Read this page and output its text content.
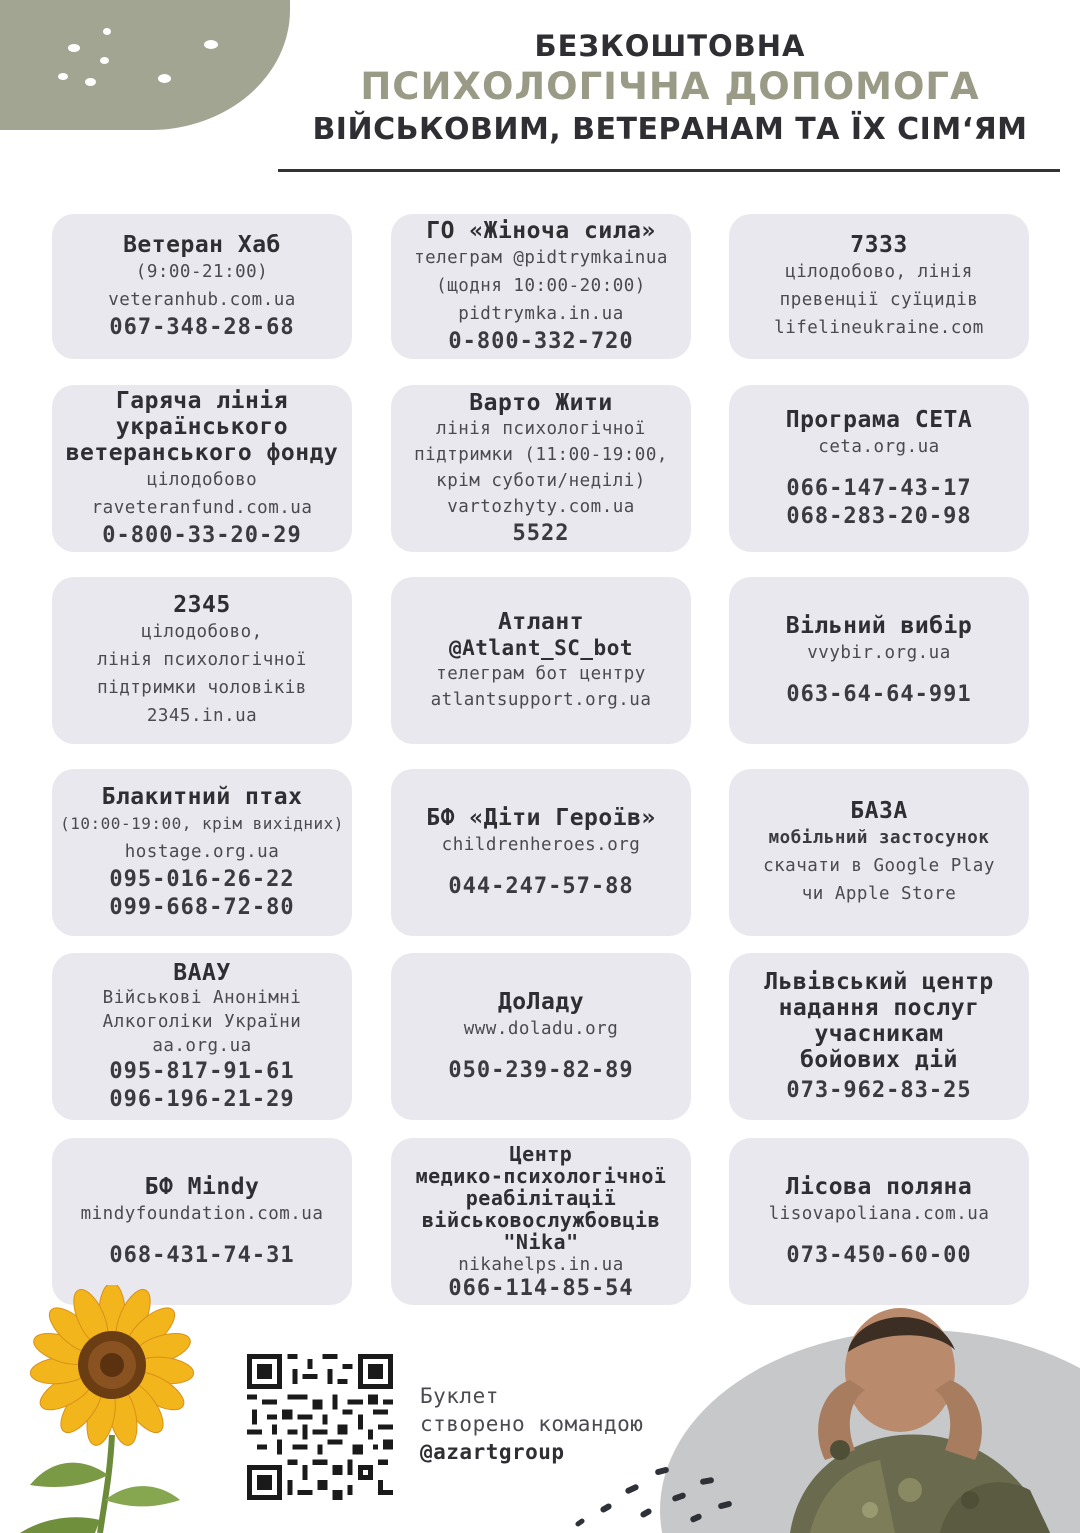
БЕЗКОШТОВНА
ПСИХОЛОГІЧНА ДОПОМОГА
ВІЙСЬКОВИМ, ВЕТЕРАНАМ ТА ЇХ СІМ‘ЯМ
Ветеран Хаб
(9:00-21:00)
veteranhub.com.ua
067-348-28-68
ГО «Жіноча сила»
телеграм @pidtrymkainua
(щодня 10:00-20:00)
pidtrymka.in.ua
0-800-332-720
7333
цілодобово, лінія
превенції суїцидів
lifelineukraine.com
Гаряча лінія
українського
ветеранського фонду
цілодобово
raveteranfund.com.ua
0-800-33-20-29
Варто Жити
лінія психологічної
підтримки (11:00-19:00,
крім суботи/неділі)
vartozhyty.com.ua
5522
Програма CETA
ceta.org.ua
066-147-43-17
068-283-20-98
2345
цілодобово,
лінія психологічної
підтримки чоловіків
2345.in.ua
Атлант
@Atlant_SC_bot
телеграм бот центру
atlantsupport.org.ua
Вільний вибір
vvybir.org.ua
063-64-64-991
Блакитний птах
(10:00-19:00, крім вихідних)
hostage.org.ua
095-016-26-22
099-668-72-80
БФ «Діти Героїв»
childrenheroes.org
044-247-57-88
БАЗА
мобільний застосунок
скачати в Google Play
чи Apple Store
ВААУ
Військові Анонімні
Алкоголіки України
aa.org.ua
095-817-91-61
096-196-21-29
ДоЛаду
www.doladu.org
050-239-82-89
Львівський центр
надання послуг
учасникам
бойових дій
073-962-83-25
БФ Mindy
mindyfoundation.com.ua
068-431-74-31
Центр
медико-психологічної
реабілітації
військовослужбовців
"Nika"
nikahelps.in.ua
066-114-85-54
Лісова поляна
lisovapoliana.com.ua
073-450-60-00
Буклет
створено командою
@azartgroup
